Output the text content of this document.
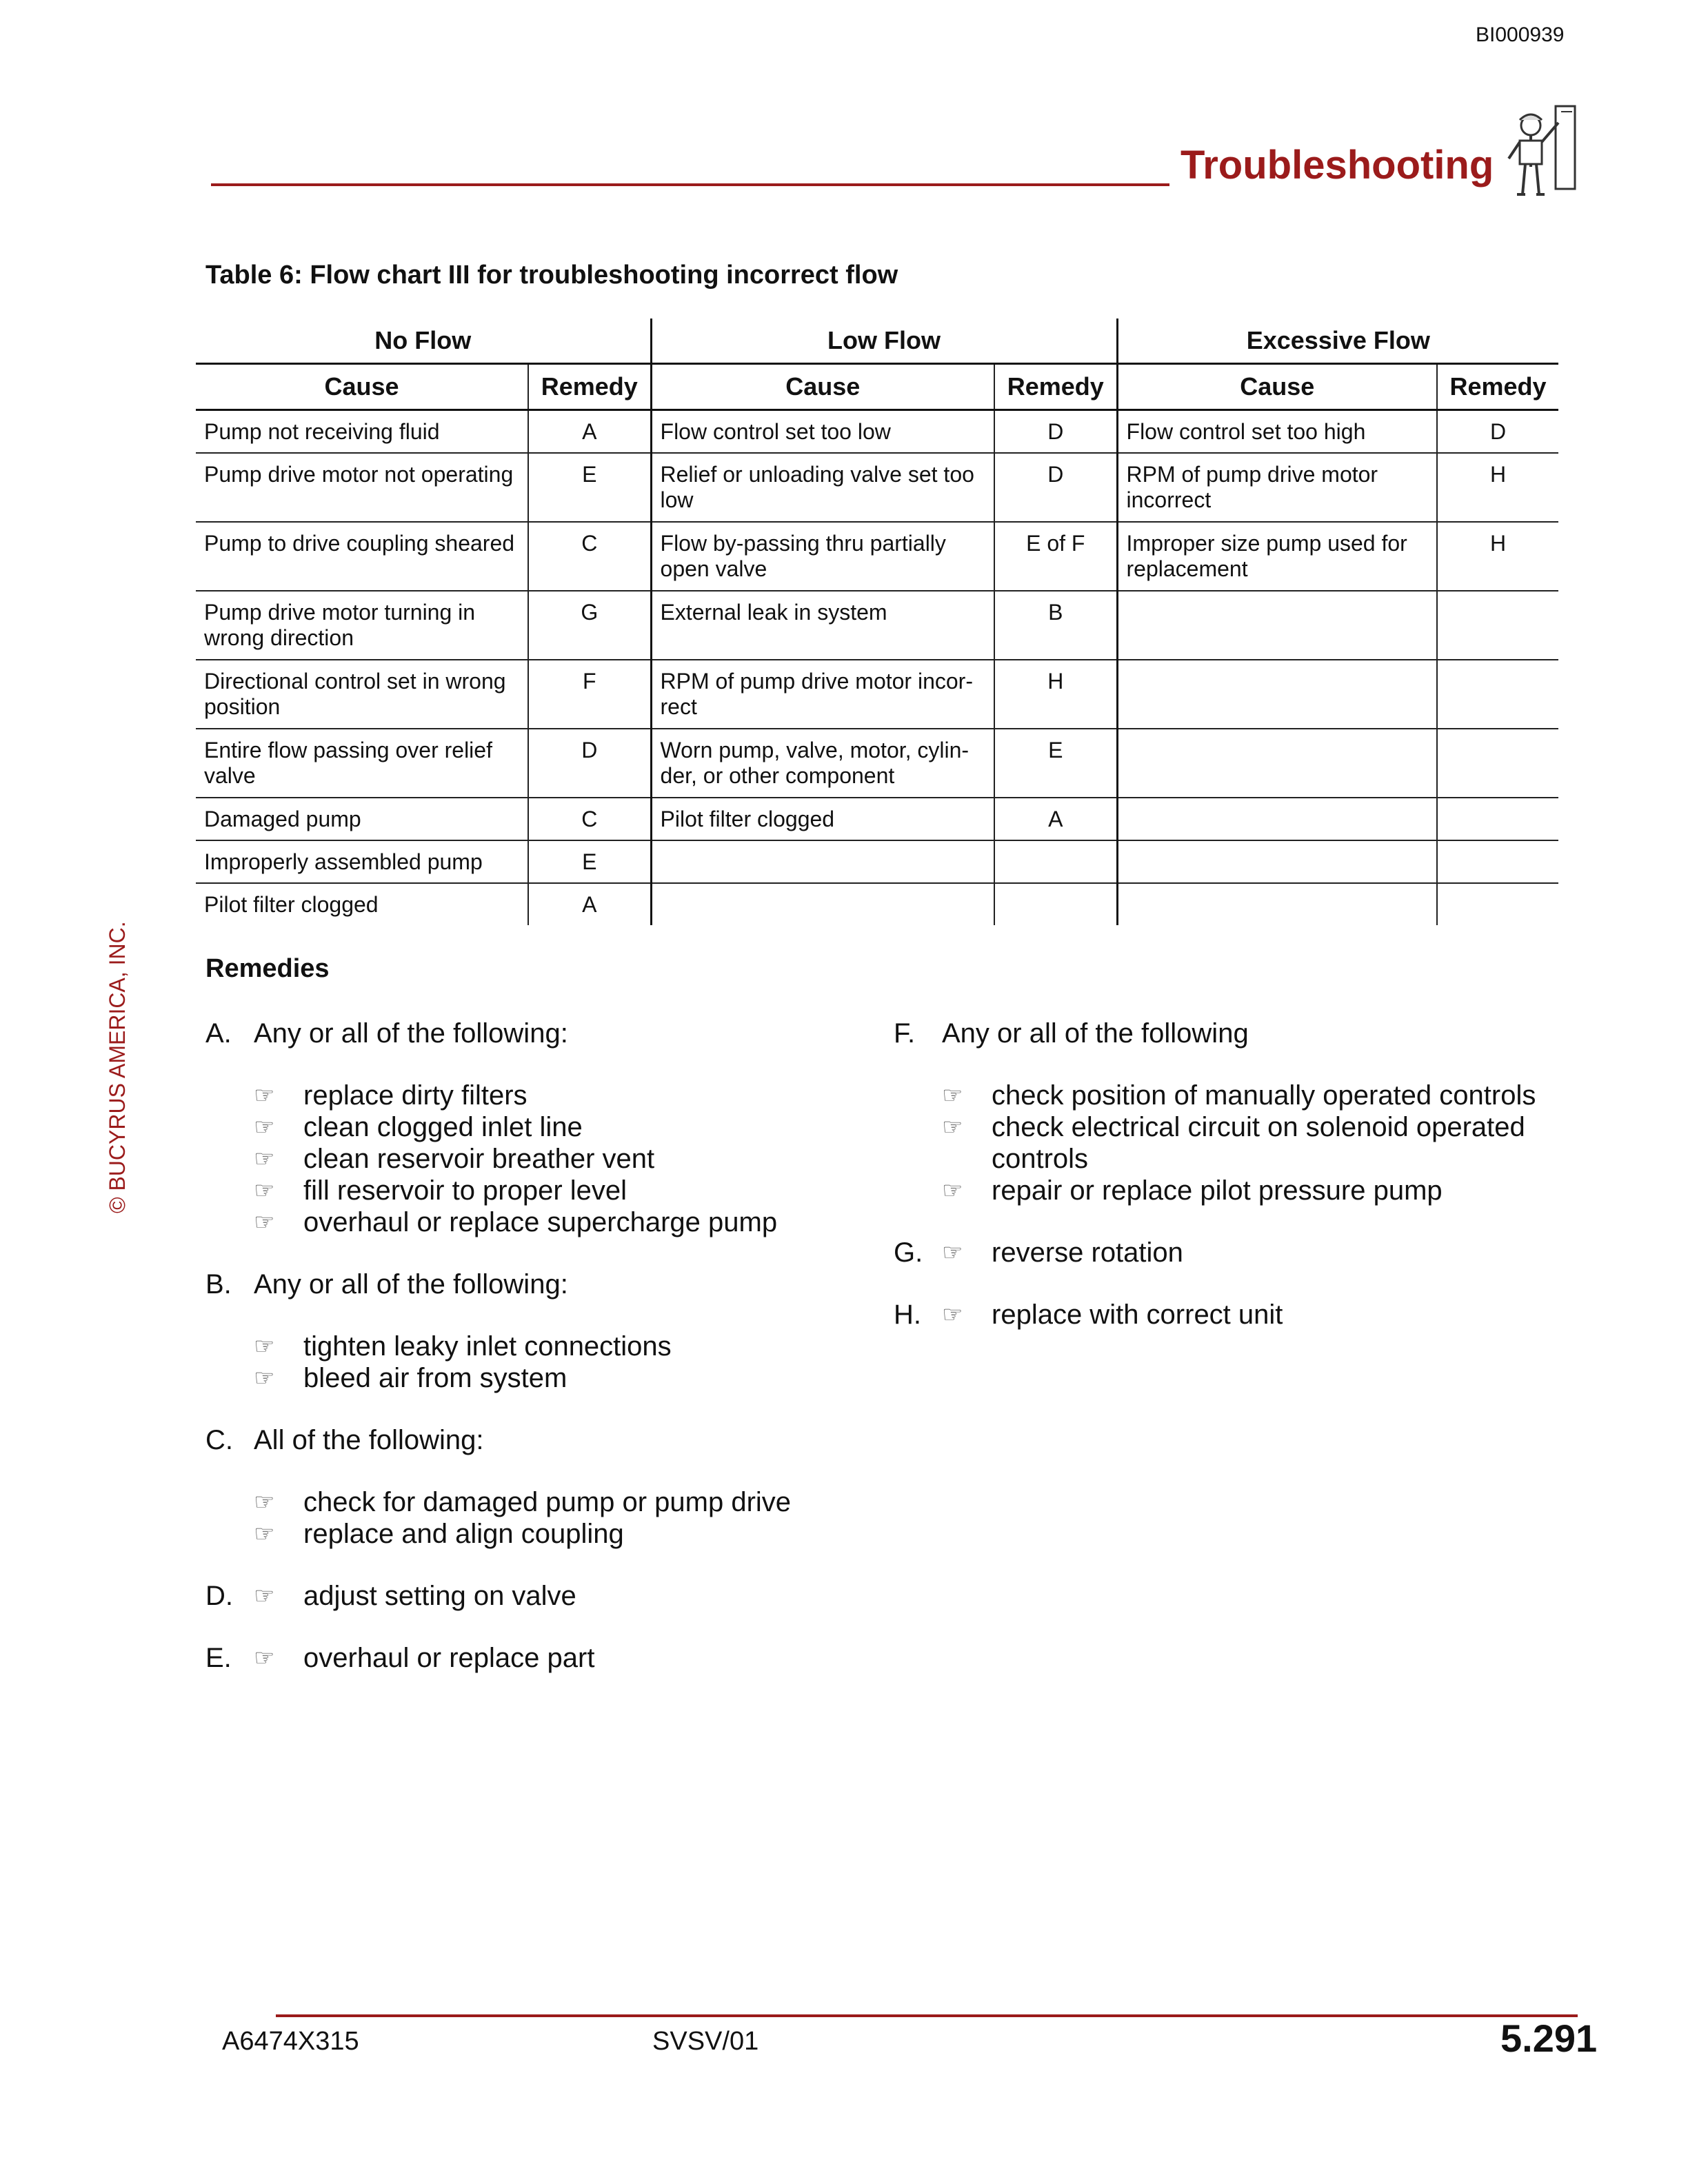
BI000939
Troubleshooting
© BUCYRUS AMERICA, INC.
Table 6: Flow chart III for troubleshooting incorrect flow
No Flow		Low Flow		Excessive Flow	
Cause	Remedy	Cause	Remedy	Cause	Remedy
Pump not receiving fluid	A	Flow control set too low	D	Flow control set too high	D
Pump drive motor not operating	E	Relief or unloading valve set too low	D	RPM of pump drive motor incorrect	H
Pump to drive coupling sheared	C	Flow by-passing thru partially open valve	E of F	Improper size pump used for replacement	H
Pump drive motor turning in wrong direction	G	External leak in system	B		
Directional control set in wrong position	F	RPM of pump drive motor incor-rect	H		
Entire flow passing over relief valve	D	Worn pump, valve, motor, cylin-der, or other component	E		
Damaged pump	C	Pilot filter clogged	A		
Improperly assembled pump	E				
Pilot filter clogged	A				
Remedies
A. Any or all of the following:
☞	replace dirty filters
☞	clean clogged inlet line
☞	clean reservoir breather vent
☞	fill reservoir to proper level
☞	overhaul or replace supercharge pump
B. Any or all of the following:
☞	tighten leaky inlet connections
☞	bleed air from system
C. All of the following:
☞	check for damaged pump or pump drive
☞	replace and align coupling
D. ☞	adjust setting on valve
E. ☞	overhaul or replace part
F. Any or all of the following
☞	check position of manually operated controls
☞	check electrical circuit on solenoid operated controls
☞	repair or replace pilot pressure pump
G. ☞	reverse rotation
H. ☞	replace with correct unit
A6474X315	SVSV/01	5.291
